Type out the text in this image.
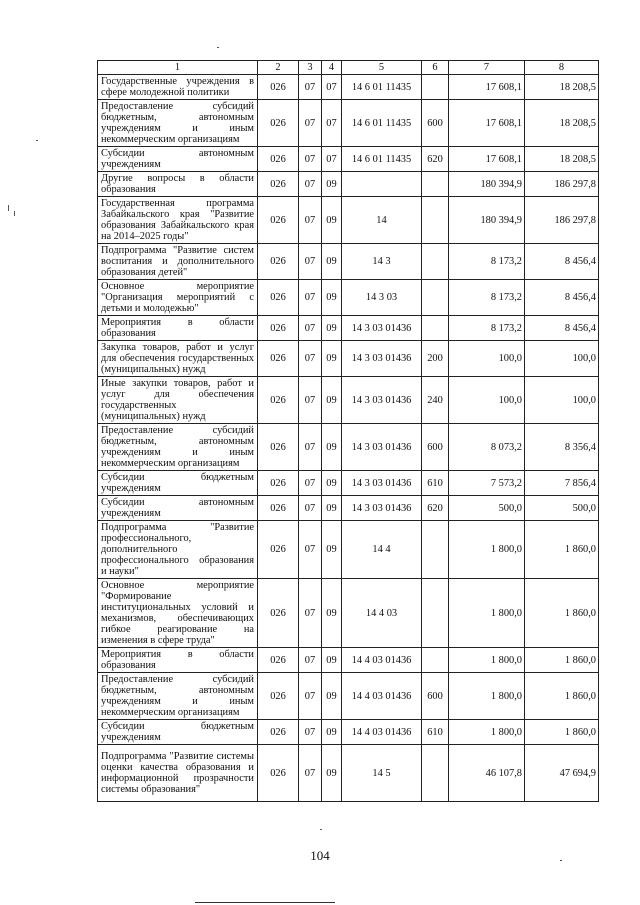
1	2	3	4	5	6	7	8
Государственные учреждения в сфере молодежной политики	026	07	07	14 6 01 11435		17 608,1	18 208,5
Предоставление субсидий бюджетным, автономным учреждениям и иным некоммерческим организациям	026	07	07	14 6 01 11435	600	17 608,1	18 208,5
Субсидии автономным учреждениям	026	07	07	14 6 01 11435	620	17 608,1	18 208,5
Другие вопросы в области образования	026	07	09			180 394,9	186 297,8
Государственная программа Забайкальского края "Развитие образования Забайкальского края на 2014–2025 годы"	026	07	09	14		180 394,9	186 297,8
Подпрограмма "Развитие систем воспитания и дополнительного образования детей"	026	07	09	14 3		8 173,2	8 456,4
Основное мероприятие "Организация мероприятий с детьми и молодежью"	026	07	09	14 3 03		8 173,2	8 456,4
Мероприятия в области образования	026	07	09	14 3 03 01436		8 173,2	8 456,4
Закупка товаров, работ и услуг для обеспечения государственных (муниципальных) нужд	026	07	09	14 3 03 01436	200	100,0	100,0
Иные закупки товаров, работ и услуг для обеспечения государственных (муниципальных) нужд	026	07	09	14 3 03 01436	240	100,0	100,0
Предоставление субсидий бюджетным, автономным учреждениям и иным некоммерческим организациям	026	07	09	14 3 03 01436	600	8 073,2	8 356,4
Субсидии бюджетным учреждениям	026	07	09	14 3 03 01436	610	7 573,2	7 856,4
Субсидии автономным учреждениям	026	07	09	14 3 03 01436	620	500,0	500,0
Подпрограмма "Развитие профессионального, дополнительного профессионального образования и науки"	026	07	09	14 4		1 800,0	1 860,0
Основное мероприятие "Формирование институциональных условий и механизмов, обеспечивающих гибкое реагирование на изменения в сфере труда"	026	07	09	14 4 03		1 800,0	1 860,0
Мероприятия в области образования	026	07	09	14 4 03 01436		1 800,0	1 860,0
Предоставление субсидий бюджетным, автономным учреждениям и иным некоммерческим организациям	026	07	09	14 4 03 01436	600	1 800,0	1 860,0
Субсидии бюджетным учреждениям	026	07	09	14 4 03 01436	610	1 800,0	1 860,0
Подпрограмма "Развитие системы оценки качества образования и информационной прозрачности системы образования"	026	07	09	14 5		46 107,8	47 694,9
104
